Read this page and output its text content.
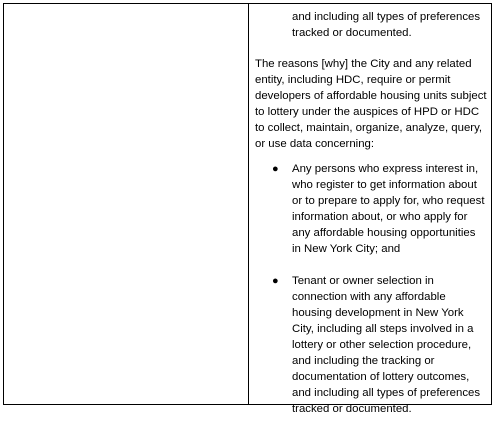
and including all types of preferences tracked or documented.

The reasons [why] the City and any related entity, including HDC, require or permit developers of affordable housing units subject to lottery under the auspices of HPD or HDC to collect, maintain, organize, analyze, query, or use data concerning:

● Any persons who express interest in, who register to get information about or to prepare to apply for, who request information about, or who apply for any affordable housing opportunities in New York City; and
● Tenant or owner selection in connection with any affordable housing development in New York City, including all steps involved in a lottery or other selection procedure, and including the tracking or documentation of lottery outcomes, and including all types of preferences tracked or documented.
